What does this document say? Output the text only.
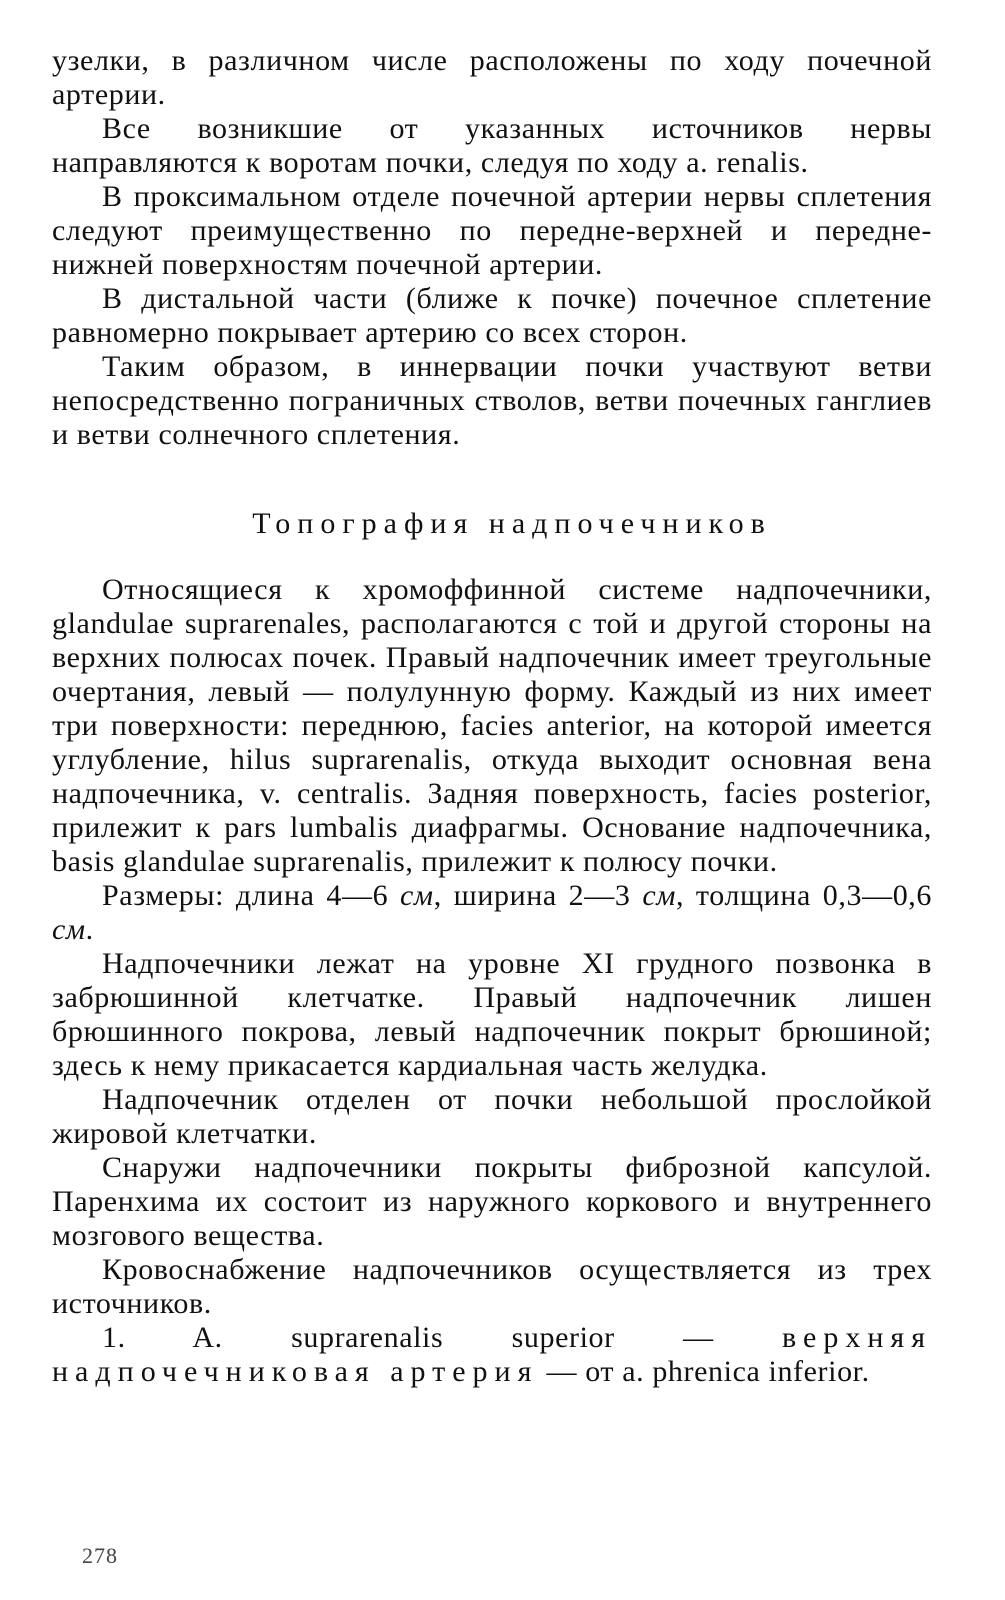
узелки, в различном числе расположены по ходу почечной артерии.

Все возникшие от указанных источников нервы направляются к воротам почки, следуя по ходу a. renalis.

В проксимальном отделе почечной артерии нервы сплетения следуют преимущественно по передне-верхней и передне-нижней поверхностям почечной артерии.

В дистальной части (ближе к почке) почечное сплетение равномерно покрывает артерию со всех сторон.

Таким образом, в иннервации почки участвуют ветви непосредственно пограничных стволов, ветви почечных ганглиев и ветви солнечного сплетения.

Топография надпочечников

Относящиеся к хромоффинной системе надпочечники, glandulae suprarenales, располагаются с той и другой стороны на верхних полюсах почек. Правый надпочечник имеет треугольные очертания, левый — полулунную форму. Каждый из них имеет три поверхности: переднюю, facies anterior, на которой имеется углубление, hilus suprarenalis, откуда выходит основная вена надпочечника, v. centralis. Задняя поверхность, facies posterior, прилежит к pars lumbalis диафрагмы. Основание надпочечника, basis glandulae suprarenalis, прилежит к полюсу почки.

Размеры: длина 4—6 см, ширина 2—3 см, толщина 0,3—0,6 см.

Надпочечники лежат на уровне XI грудного позвонка в забрюшинной клетчатке. Правый надпочечник лишен брюшинного покрова, левый надпочечник покрыт брюшиной; здесь к нему прикасается кардиальная часть желудка.

Надпочечник отделен от почки небольшой прослойкой жировой клетчатки.

Снаружи надпочечники покрыты фиброзной капсулой. Паренхима их состоит из наружного коркового и внутреннего мозгового вещества.

Кровоснабжение надпочечников осуществляется из трех источников.

1. A. suprarenalis superior — верхняя надпочечниковая артерия — от a. phrenica inferior.

278
